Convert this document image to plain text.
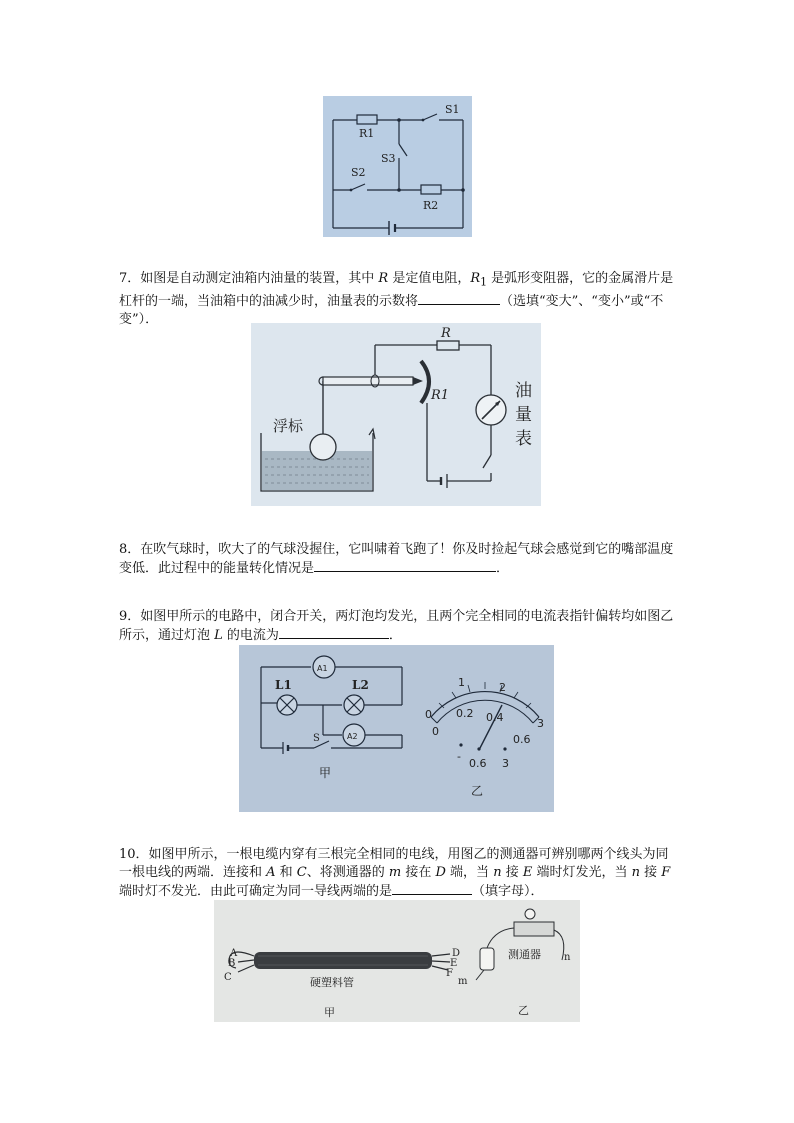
R1
S1
S3
S2
R2

7．如图是自动测定油箱内油量的装置，其中 R 是定值电阻，$R_1$ 是弧形变阻器，它的金属滑片是杠杆的一端，当油箱中的油减少时，油量表的示数将	（选填“变大”、“变小”或“不变”）．

浮标
R
R1	油
量
表

8．在吹气球时，吹大了的气球没握住，它叫啸着飞跑了！你及时捡起气球会感觉到它的嘴部温度变低．此过程中的能量转化情况是	．

9．如图甲所示的电路中，闭合开关，两灯泡均发光，且两个完全相同的电流表指针偏转均如图乙所示，通过灯泡 L 的电流为	．

L1	L2
A1
A2
S
甲
0
1	2
3
0
0.2 0.4
0.6
-
0.6 3
乙

10．如图甲所示，一根电缆内穿有三根完全相同的电线，用图乙的测通器可辨别哪两个线头为同一根电线的两端．连接和 A 和 C、将测通器的 m 接在 D 端，当 n 接 E 端时灯发光，当 n 接 F 端时灯不发光．由此可确定为同一导线两端的是	（填字母）．

A
B
C
D
E
F
硬塑料管
甲
测通器
m
n
乙
